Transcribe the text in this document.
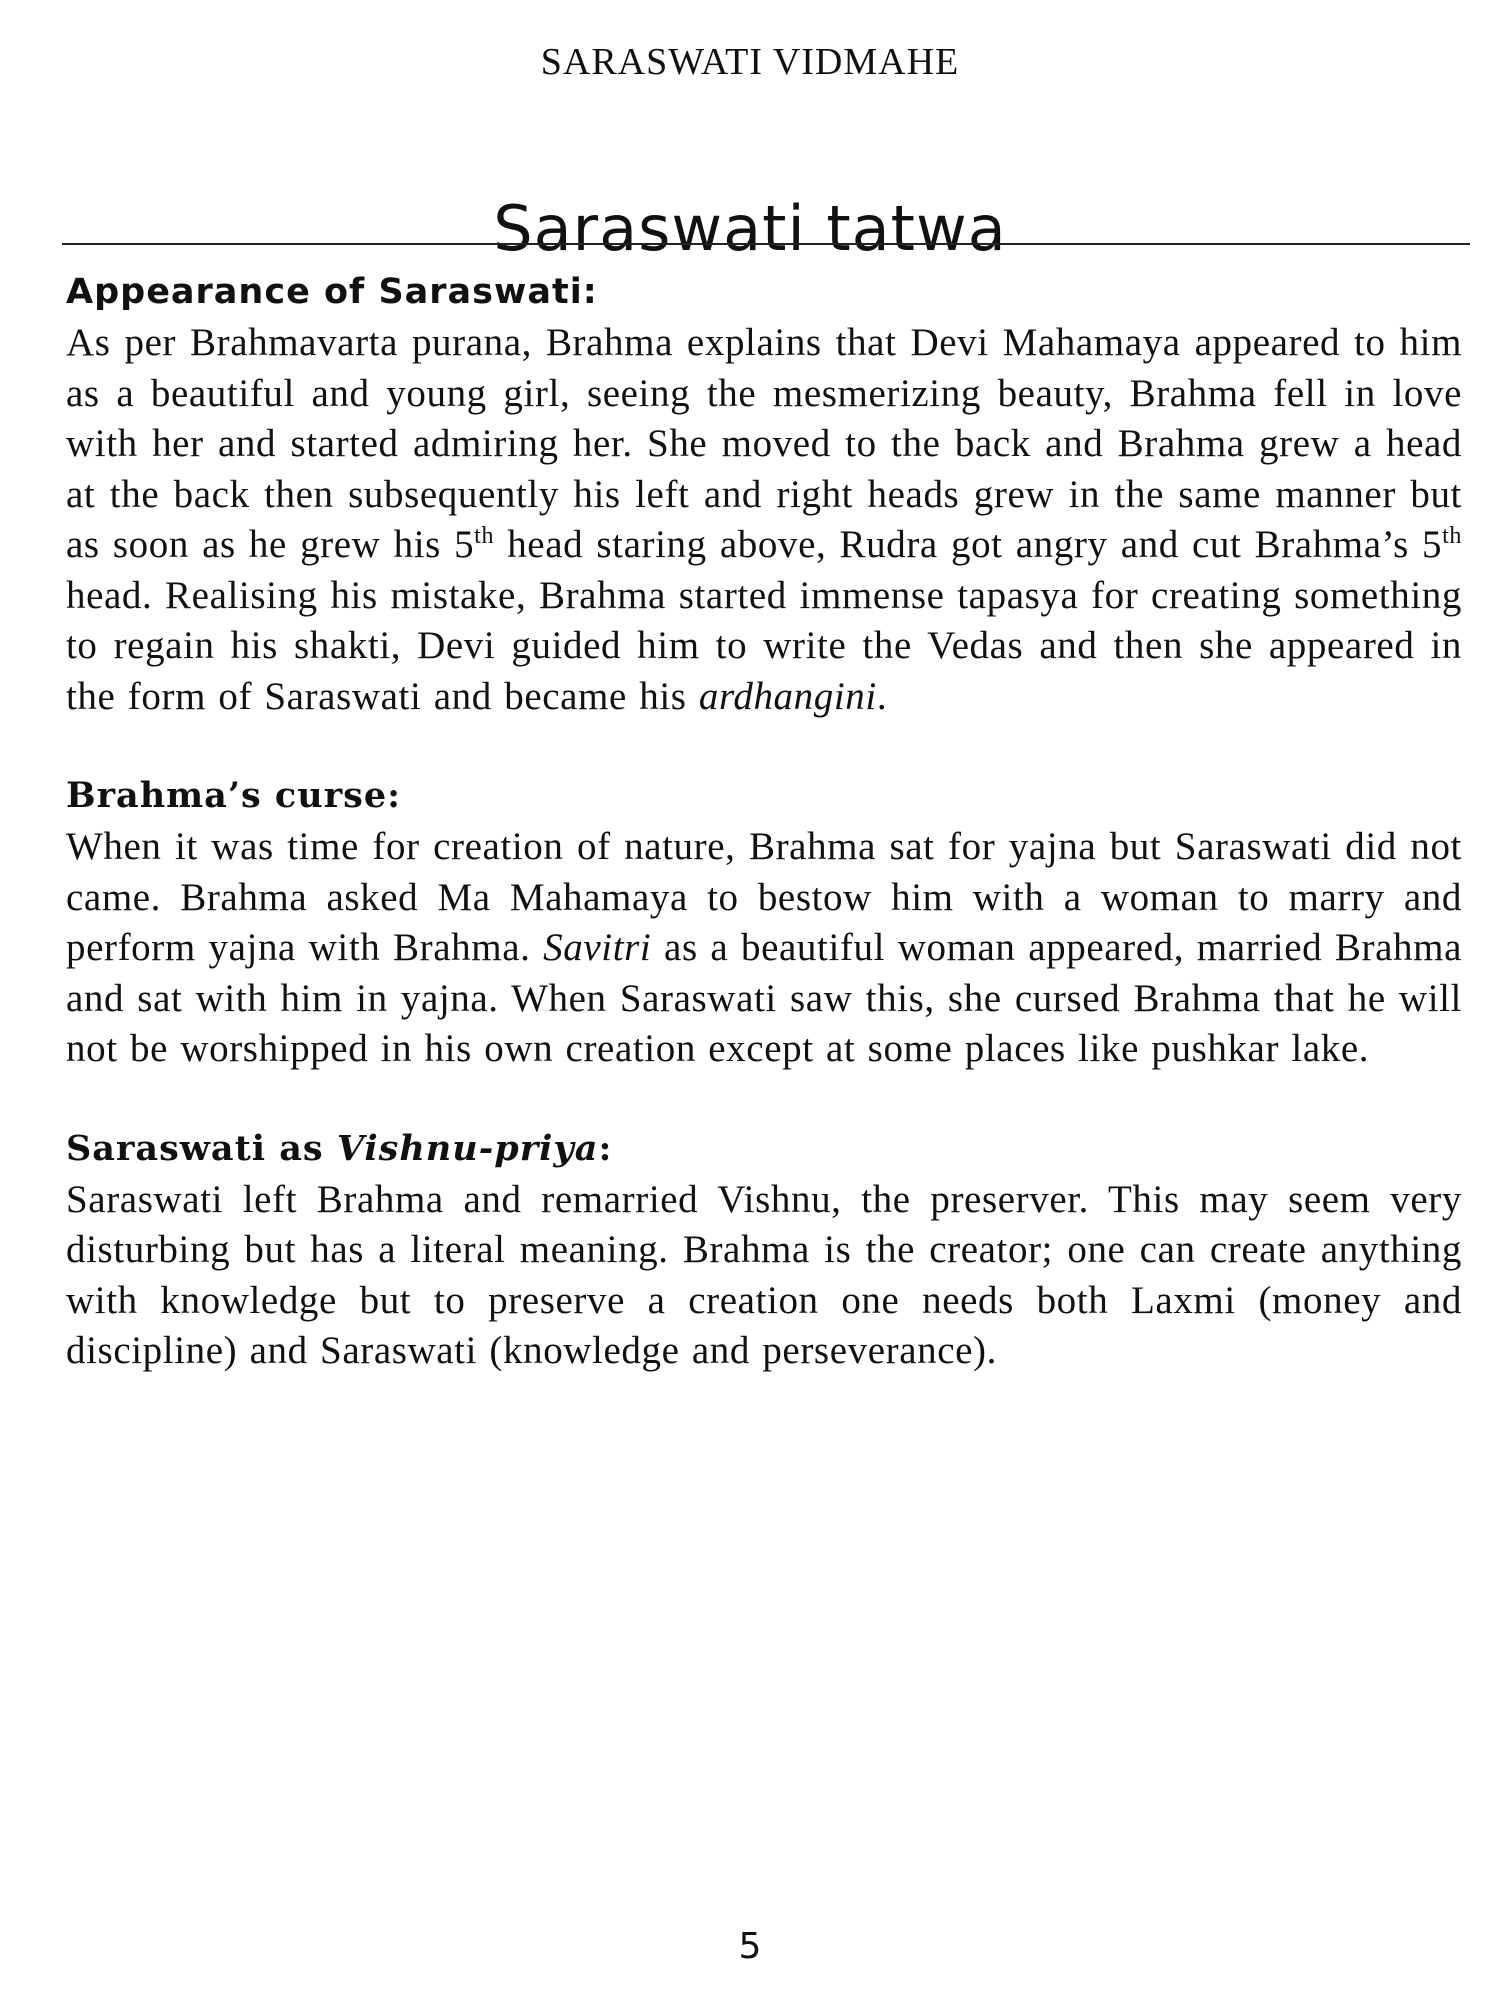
SARASWATI VIDMAHE
Saraswati tatwa
Appearance of Saraswati:

As per Brahmavarta purana, Brahma explains that Devi Mahamaya appeared to him as a beautiful and young girl, seeing the mesmerizing beauty, Brahma fell in love with her and started admiring her. She moved to the back and Brahma grew a head at the back then subsequently his left and right heads grew in the same manner but as soon as he grew his 5th head staring above, Rudra got angry and cut Brahma’s 5th head. Realising his mistake, Brahma started immense tapasya for creating something to regain his shakti, Devi guided him to write the Vedas and then she appeared in the form of Saraswati and became his ardhangini.

Brahma’s curse:

When it was time for creation of nature, Brahma sat for yajna but Saraswati did not came. Brahma asked Ma Mahamaya to bestow him with a woman to marry and perform yajna with Brahma. Savitri as a beautiful woman appeared, married Brahma and sat with him in yajna. When Saraswati saw this, she cursed Brahma that he will not be worshipped in his own creation except at some places like pushkar lake.

Saraswati as Vishnu-priya:

Saraswati left Brahma and remarried Vishnu, the preserver. This may seem very disturbing but has a literal meaning. Brahma is the creator; one can create anything with knowledge but to preserve a creation one needs both Laxmi (money and discipline) and Saraswati (knowledge and perseverance).

5
